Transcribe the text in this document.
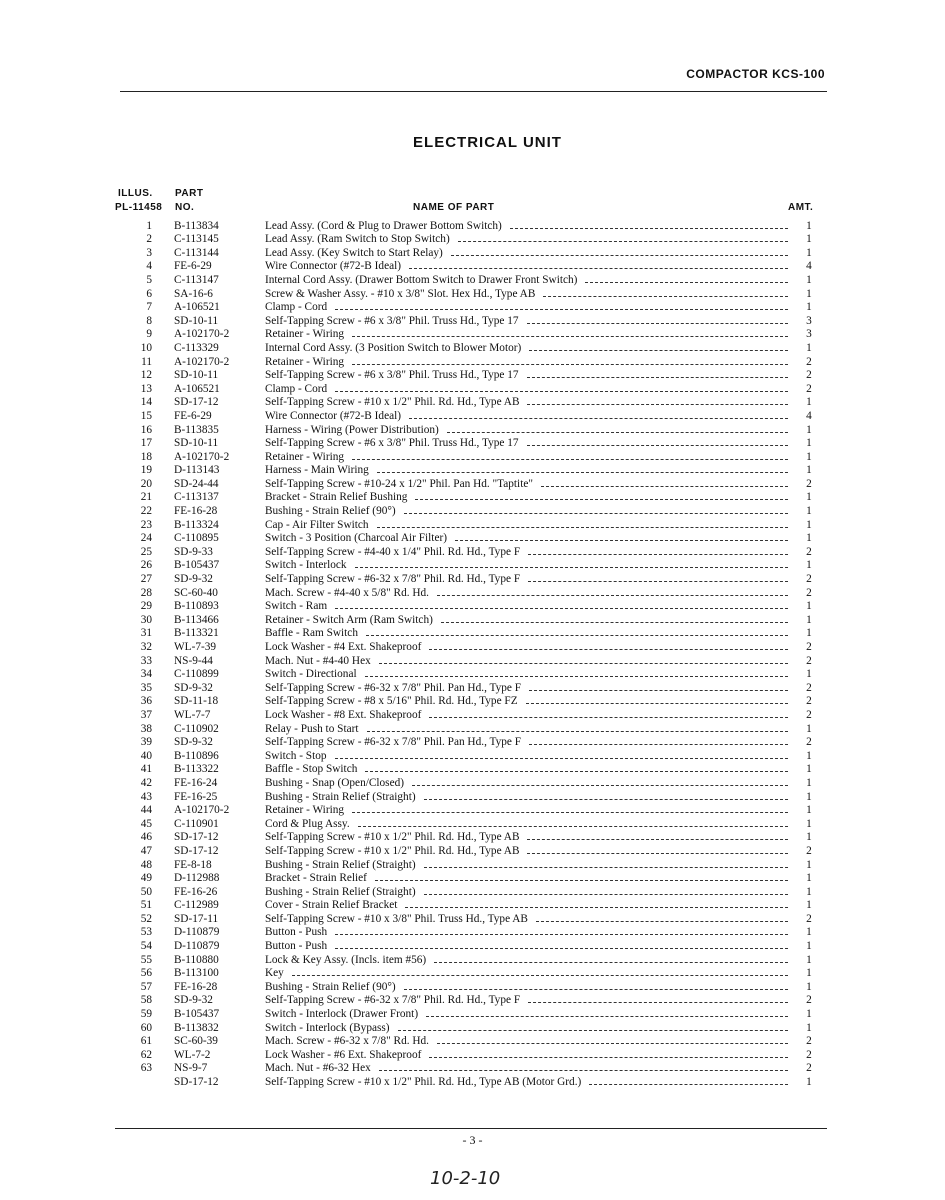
COMPACTOR KCS-100
ELECTRICAL UNIT
ILLUS.
PL-11458
PART
NO.	NAME OF PART	AMT.
1	B-113834	Lead Assy. (Cord & Plug to Drawer Bottom Switch)	1
2	C-113145	Lead Assy. (Ram Switch to Stop Switch)	1
3	C-113144	Lead Assy. (Key Switch to Start Relay)	1
4	FE-6-29	Wire Connector (#72-B Ideal)	4
5	C-113147	Internal Cord Assy. (Drawer Bottom Switch to Drawer Front Switch)	1
6	SA-16-6	Screw & Washer Assy. - #10 x 3/8" Slot. Hex Hd., Type AB	1
7	A-106521	Clamp - Cord	1
8	SD-10-11	Self-Tapping Screw - #6 x 3/8" Phil. Truss Hd., Type 17	3
9	A-102170-2	Retainer - Wiring	3
10	C-113329	Internal Cord Assy. (3 Position Switch to Blower Motor)	1
11	A-102170-2	Retainer - Wiring	2
12	SD-10-11	Self-Tapping Screw - #6 x 3/8" Phil. Truss Hd., Type 17	2
13	A-106521	Clamp - Cord	2
14	SD-17-12	Self-Tapping Screw - #10 x 1/2" Phil. Rd. Hd., Type AB	1
15	FE-6-29	Wire Connector (#72-B Ideal)	4
16	B-113835	Harness - Wiring (Power Distribution)	1
17	SD-10-11	Self-Tapping Screw - #6 x 3/8" Phil. Truss Hd., Type 17	1
18	A-102170-2	Retainer - Wiring	1
19	D-113143	Harness - Main Wiring	1
20	SD-24-44	Self-Tapping Screw - #10-24 x 1/2" Phil. Pan Hd. "Taptite"	2
21	C-113137	Bracket - Strain Relief Bushing	1
22	FE-16-28	Bushing - Strain Relief (90°)	1
23	B-113324	Cap - Air Filter Switch	1
24	C-110895	Switch - 3 Position (Charcoal Air Filter)	1
25	SD-9-33	Self-Tapping Screw - #4-40 x 1/4" Phil. Rd. Hd., Type F	2
26	B-105437	Switch - Interlock	1
27	SD-9-32	Self-Tapping Screw - #6-32 x 7/8" Phil. Rd. Hd., Type F	2
28	SC-60-40	Mach. Screw - #4-40 x 5/8" Rd. Hd.	2
29	B-110893	Switch - Ram	1
30	B-113466	Retainer - Switch Arm (Ram Switch)	1
31	B-113321	Baffle - Ram Switch	1
32	WL-7-39	Lock Washer - #4 Ext. Shakeproof	2
33	NS-9-44	Mach. Nut - #4-40 Hex	2
34	C-110899	Switch - Directional	1
35	SD-9-32	Self-Tapping Screw - #6-32 x 7/8" Phil. Pan Hd., Type F	2
36	SD-11-18	Self-Tapping Screw - #8 x 5/16" Phil. Rd. Hd., Type FZ	2
37	WL-7-7	Lock Washer - #8 Ext. Shakeproof	2
38	C-110902	Relay - Push to Start	1
39	SD-9-32	Self-Tapping Screw - #6-32 x 7/8" Phil. Pan Hd., Type F	2
40	B-110896	Switch - Stop	1
41	B-113322	Baffle - Stop Switch	1
42	FE-16-24	Bushing - Snap (Open/Closed)	1
43	FE-16-25	Bushing - Strain Relief (Straight)	1
44	A-102170-2	Retainer - Wiring	1
45	C-110901	Cord & Plug Assy.	1
46	SD-17-12	Self-Tapping Screw - #10 x 1/2" Phil. Rd. Hd., Type AB	1
47	SD-17-12	Self-Tapping Screw - #10 x 1/2" Phil. Rd. Hd., Type AB	2
48	FE-8-18	Bushing - Strain Relief (Straight)	1
49	D-112988	Bracket - Strain Relief	1
50	FE-16-26	Bushing - Strain Relief (Straight)	1
51	C-112989	Cover - Strain Relief Bracket	1
52	SD-17-11	Self-Tapping Screw - #10 x 3/8" Phil. Truss Hd., Type AB	2
53	D-110879	Button - Push	1
54	D-110879	Button - Push	1
55	B-110880	Lock & Key Assy. (Incls. item #56)	1
56	B-113100	Key	1
57	FE-16-28	Bushing - Strain Relief (90°)	1
58	SD-9-32	Self-Tapping Screw - #6-32 x 7/8" Phil. Rd. Hd., Type F	2
59	B-105437	Switch - Interlock (Drawer Front)	1
60	B-113832	Switch - Interlock (Bypass)	1
61	SC-60-39	Mach. Screw - #6-32 x 7/8" Rd. Hd.	2
62	WL-7-2	Lock Washer - #6 Ext. Shakeproof	2
63	NS-9-7	Mach. Nut - #6-32 Hex	2
SD-17-12	Self-Tapping Screw - #10 x 1/2" Phil. Rd. Hd., Type AB (Motor Grd.)	1
- 3 -
10-2-10
